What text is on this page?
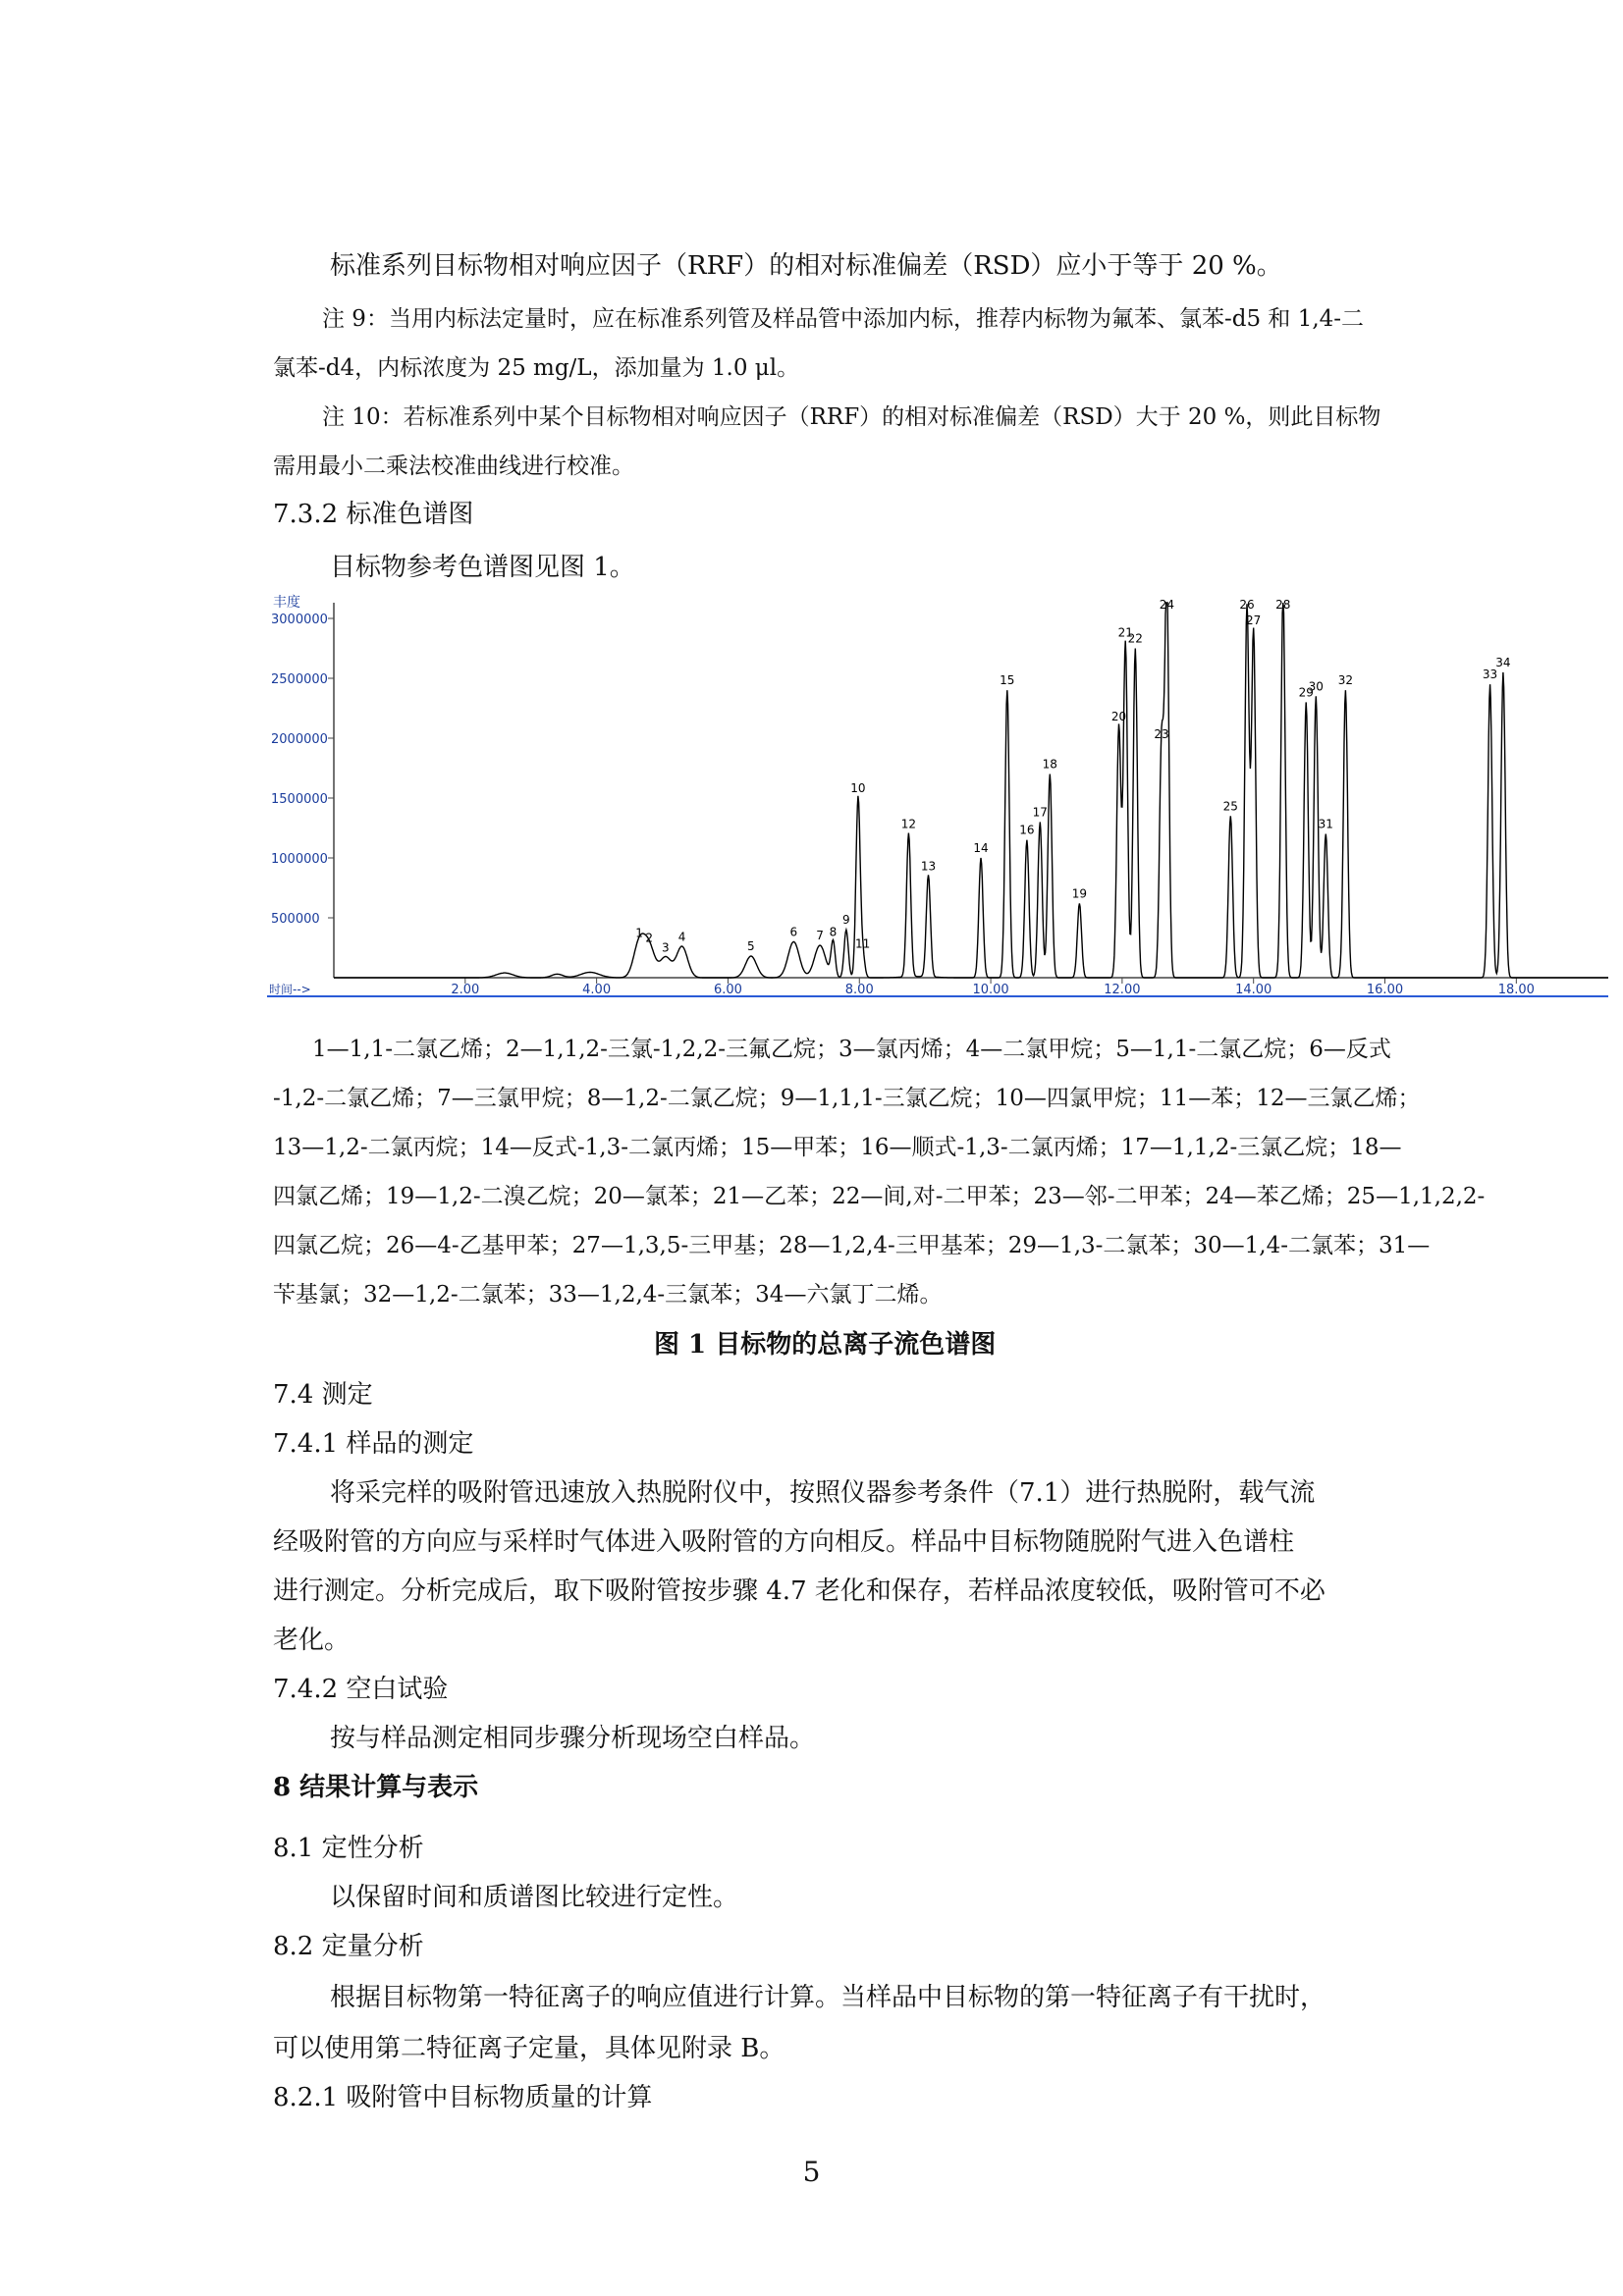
标准系列目标物相对响应因子（RRF）的相对标准偏差（RSD）应小于等于 20 %。
注 9：当用内标法定量时，应在标准系列管及样品管中添加内标，推荐内标物为氟苯、氯苯-d5 和 1,4-二
氯苯-d4，内标浓度为 25 mg/L，添加量为 1.0 μl。
注 10：若标准系列中某个目标物相对响应因子（RRF）的相对标准偏差（RSD）大于 20 %，则此目标物
需用最小二乘法校准曲线进行校准。
7.3.2 标准色谱图
目标物参考色谱图见图 1。
丰度
时间-->
500000
1000000
1500000
2000000
2500000
3000000
2.00	4.00	6.00	8.00	10.00	12.00	14.00	16.00	18.00
1 2
3
4
5
6 7 8
9
10
11
12
13
14
15
16
17
18
19
20
21
22
23
24
25
26
27
28
29
30
31
32	33
34
1—1,1-二氯乙烯；2—1,1,2-三氯-1,2,2-三氟乙烷；3—氯丙烯；4—二氯甲烷；5—1,1-二氯乙烷；6—反式
-1,2-二氯乙烯；7—三氯甲烷；8—1,2-二氯乙烷；9—1,1,1-三氯乙烷；10—四氯甲烷；11—苯；12—三氯乙烯；
13—1,2-二氯丙烷；14—反式-1,3-二氯丙烯；15—甲苯；16—顺式-1,3-二氯丙烯；17—1,1,2-三氯乙烷；18—
四氯乙烯；19—1,2-二溴乙烷；20—氯苯；21—乙苯；22—间,对-二甲苯；23—邻-二甲苯；24—苯乙烯；25—1,1,2,2-
四氯乙烷；26—4-乙基甲苯；27—1,3,5-三甲基；28—1,2,4-三甲基苯；29—1,3-二氯苯；30—1,4-二氯苯；31—
苄基氯；32—1,2-二氯苯；33—1,2,4-三氯苯；34—六氯丁二烯。
图 1 目标物的总离子流色谱图
7.4 测定
7.4.1 样品的测定
将采完样的吸附管迅速放入热脱附仪中，按照仪器参考条件（7.1）进行热脱附，载气流
经吸附管的方向应与采样时气体进入吸附管的方向相反。样品中目标物随脱附气进入色谱柱
进行测定。分析完成后，取下吸附管按步骤 4.7 老化和保存，若样品浓度较低，吸附管可不必
老化。
7.4.2 空白试验
按与样品测定相同步骤分析现场空白样品。
8 结果计算与表示
8.1 定性分析
以保留时间和质谱图比较进行定性。
8.2 定量分析
根据目标物第一特征离子的响应值进行计算。当样品中目标物的第一特征离子有干扰时，
可以使用第二特征离子定量，具体见附录 B。
8.2.1 吸附管中目标物质量的计算
5
